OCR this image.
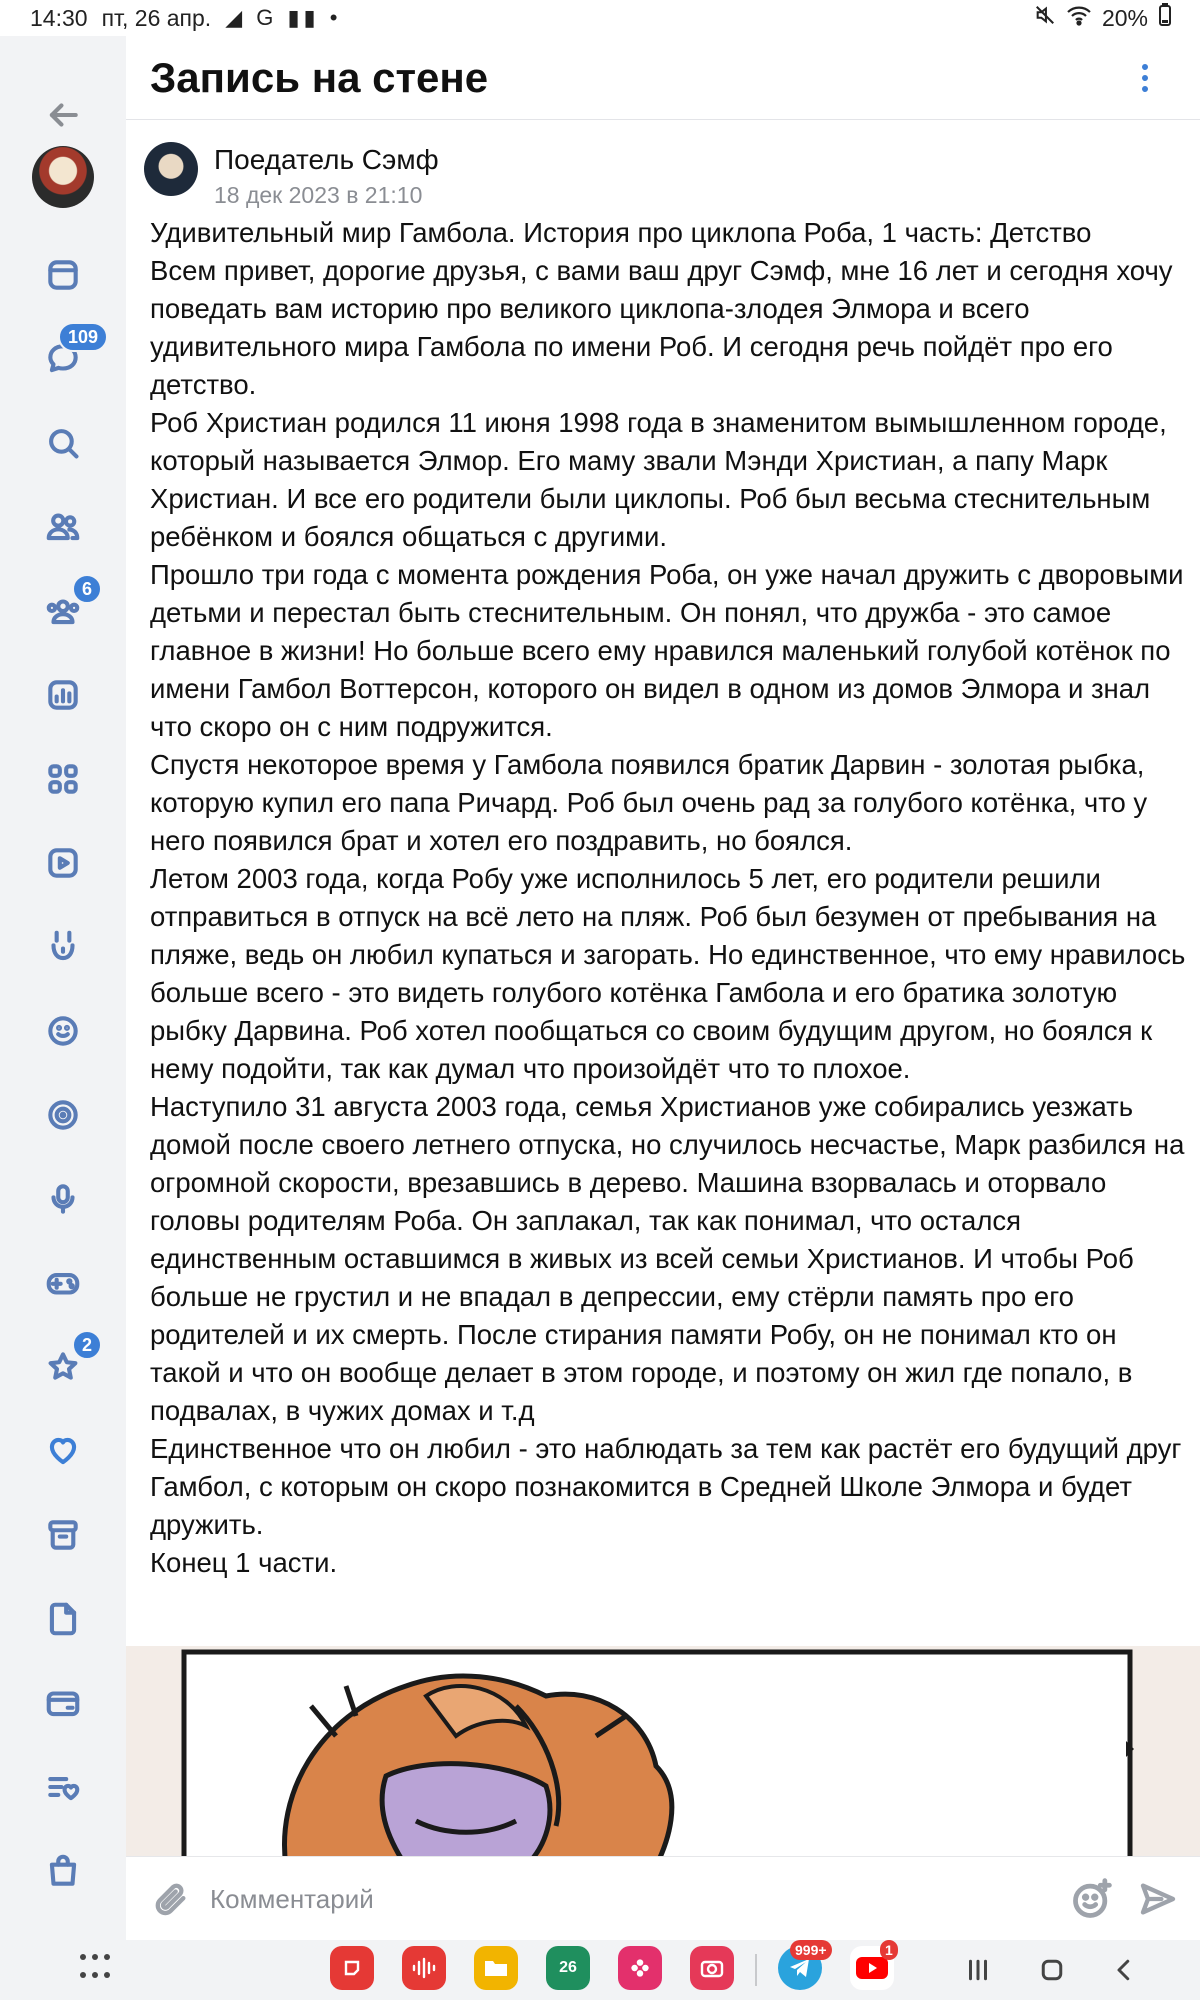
14:30 пт, 26 апр. ◢ G ▮▮ •	20%
109
6
2
Запись на стене
Поедатель Сэмф
18 дек 2023 в 21:10

Удивительный мир Гамбола. История про циклопа Роба, 1 часть: Детство

Всем привет, дорогие друзья, с вами ваш друг Сэмф, мне 16 лет и сегодня хочу поведать вам историю про великого циклопа-злодея Элмора и всего удивительного мира Гамбола по имени Роб. И сегодня речь пойдёт про его детство.

Роб Христиан родился 11 июня 1998 года в знаменитом вымышленном городе, который называется Элмор. Его маму звали Мэнди Христиан, а папу Марк Христиан. И все его родители были циклопы. Роб был весьма стеснительным ребёнком и боялся общаться с другими.

Прошло три года с момента рождения Роба, он уже начал дружить с дворовыми детьми и перестал быть стеснительным. Он понял, что дружба - это самое главное в жизни! Но больше всего ему нравился маленький голубой котёнок по имени Гамбол Воттерсон, которого он видел в одном из домов Элмора и знал что скоро он с ним подружится.

Спустя некоторое время у Гамбола появился братик Дарвин - золотая рыбка, которую купил его папа Ричард. Роб был очень рад за голубого котёнка, что у него появился брат и хотел его поздравить, но боялся.

Летом 2003 года, когда Робу уже исполнилось 5 лет, его родители решили отправиться в отпуск на всё лето на пляж. Роб был безумен от пребывания на пляже, ведь он любил купаться и загорать. Но единственное, что ему нравилось больше всего - это видеть голубого котёнка Гамбола и его братика золотую рыбку Дарвина. Роб хотел пообщаться со своим будущим другом, но боялся к нему подойти, так как думал что произойдёт что то плохое.

Наступило 31 августа 2003 года, семья Христианов уже собирались уезжать домой после своего летнего отпуска, но случилось несчастье, Марк разбился на огромной скорости, врезавшись в дерево. Машина взорвалась и оторвало головы родителям Роба. Он заплакал, так как понимал, что остался единственным оставшимся в живых из всей семьи Христианов. И чтобы Роб больше не грустил и не впадал в депрессии, ему стёрли память про его родителей и их смерть. После стирания памяти Робу, он не понимал кто он такой и что он вообще делает в этом городе, и поэтому он жил где попало, в подвалах, в чужих домах и т.д

Единственное что он любил - это наблюдать за тем как растёт его будущий друг Гамбол, с которым он скоро познакомится в Средней Школе Элмора и будет дружить.

Конец 1 части.

Комментарий
26
999+	1
